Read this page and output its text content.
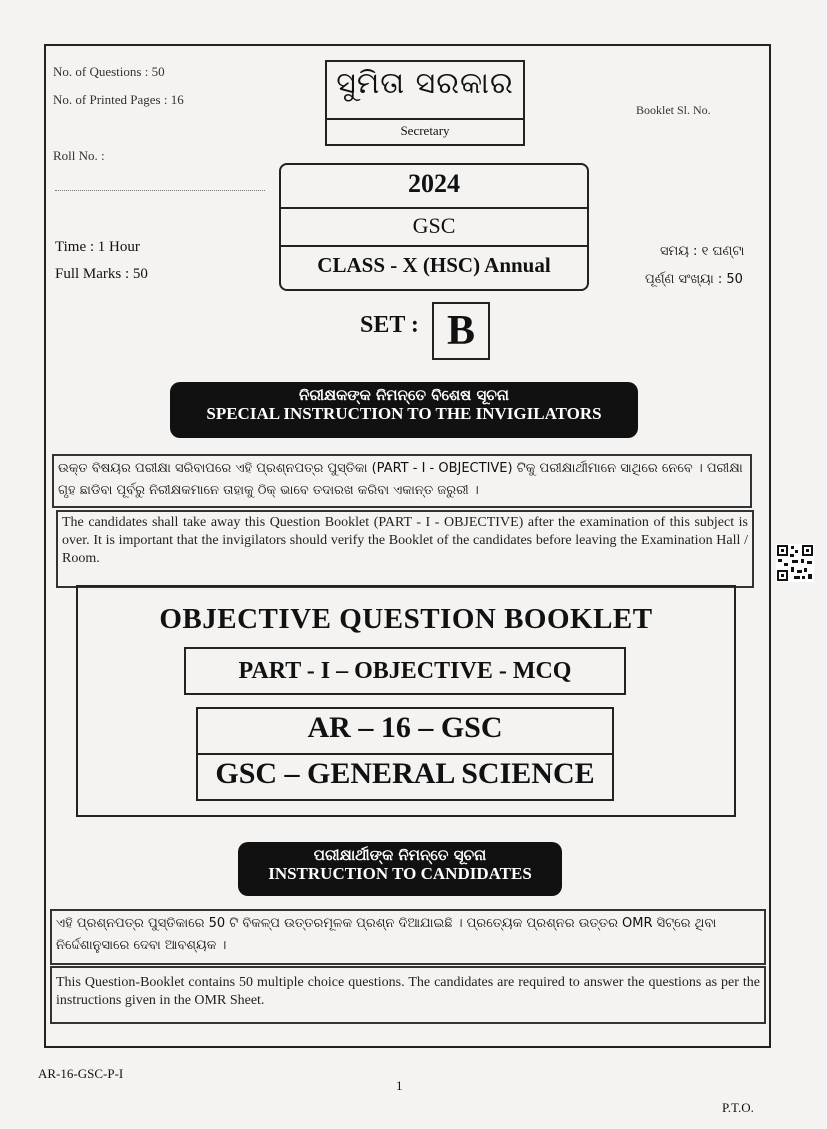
No. of Questions : 50
No. of Printed Pages : 16
Roll No. :
Booklet Sl. No.
ସୁମିତା ସରକାର
Secretary
2024
GSC
CLASS - X (HSC) Annual
Time : 1 Hour
Full Marks : 50
ସମୟ : ୧ ଘଣ୍ଟା
ପୂର୍ଣ୍ଣ ସଂଖ୍ୟା : 50
SET : B
ନିରୀକ୍ଷକଙ୍କ ନିମନ୍ତେ ବିଶେଷ ସୂଚନା
SPECIAL INSTRUCTION TO THE INVIGILATORS

ଉକ୍ତ ବିଷୟର ପରୀକ୍ଷା ସରିବାପରେ ଏହି ପ୍ରଶ୍ନପତ୍ର ପୁସ୍ତିକା (PART - I - OBJECTIVE) ଟିକୁ ପରୀକ୍ଷାର୍ଥୀମାନେ ସାଥିରେ ନେବେ । ପରୀକ୍ଷା ଗୃହ ଛାଡିବା ପୂର୍ବରୁ ନିରୀକ୍ଷକମାନେ ତାହାକୁ ଠିକ୍ ଭାବେ ତଦାରଖ କରିବା ଏକାନ୍ତ ଜରୁରୀ ।

The candidates shall take away this Question Booklet (PART - I - OBJECTIVE) after the examination of this subject is over. It is important that the invigilators should verify the Booklet of the candidates before leaving the Examination Hall / Room.

OBJECTIVE QUESTION BOOKLET
PART - I – OBJECTIVE - MCQ
AR – 16 – GSC
GSC – GENERAL SCIENCE
ପରୀକ୍ଷାର୍ଥୀଙ୍କ ନିମନ୍ତେ ସୂଚନା
INSTRUCTION TO CANDIDATES

ଏହି ପ୍ରଶ୍ନପତ୍ର ପୁସ୍ତିକାରେ 50 ଟି ବିକଳ୍ପ ଉତ୍ତରମୂଳକ ପ୍ରଶ୍ନ ଦିଆଯାଇଛି । ପ୍ରତ୍ୟେକ ପ୍ରଶ୍ନର ଉତ୍ତର OMR ସିଟ୍‌ରେ ଥିବା ନିର୍ଦ୍ଦେଶାନୁସାରେ ଦେବା ଆବଶ୍ୟକ ।

This Question-Booklet contains 50 multiple choice questions. The candidates are required to answer the questions as per the instructions given in the OMR Sheet.

AR-16-GSC-P-I
1
P.T.O.
